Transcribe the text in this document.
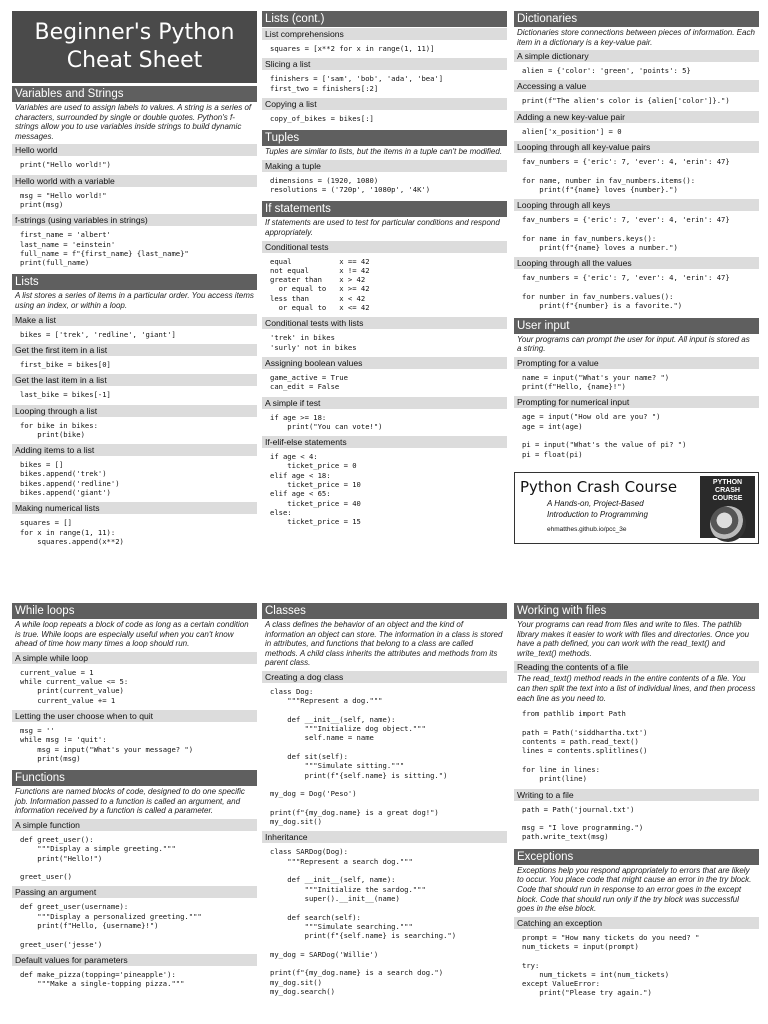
Beginner's Python
Cheat Sheet
Variables and Strings
Variables are used to assign labels to values. A string is a series of characters, surrounded by single or double quotes. Python's f-strings allow you to use variables inside strings to build dynamic messages.
Hello world
print("Hello world!")
Hello world with a variable
msg = "Hello world!"
print(msg)
f-strings (using variables in strings)
first_name = 'albert'
last_name = 'einstein'
full_name = f"{first_name} {last_name}"
print(full_name)
Lists
A list stores a series of items in a particular order. You access items using an index, or within a loop.
Make a list
bikes = ['trek', 'redline', 'giant']
Get the first item in a list
first_bike = bikes[0]
Get the last item in a list
last_bike = bikes[-1]
Looping through a list
for bike in bikes:
print(bike)
Adding items to a list
bikes = []
bikes.append('trek')
bikes.append('redline')
bikes.append('giant')
Making numerical lists
squares = []
for x in range(1, 11):
squares.append(x**2)
Lists (cont.)
List comprehensions
squares = [x**2 for x in range(1, 11)]
Slicing a list
finishers = ['sam', 'bob', 'ada', 'bea']
first_two = finishers[:2]
Copying a list
copy_of_bikes = bikes[:]
Tuples
Tuples are similar to lists, but the items in a tuple can't be modified.
Making a tuple
dimensions = (1920, 1080)
resolutions = ('720p', '1080p', '4K')
If statements
If statements are used to test for particular conditions and respond appropriately.
Conditional tests
equal           x == 42
not equal       x != 42
greater than    x > 42
or equal to   x >= 42
less than       x < 42
or equal to   x <= 42
Conditional tests with lists
'trek' in bikes
'surly' not in bikes
Assigning boolean values
game_active = True
can_edit = False
A simple if test
if age >= 18:
print("You can vote!")
If-elif-else statements
if age < 4:
ticket_price = 0
elif age < 18:
ticket_price = 10
elif age < 65:
ticket_price = 40
else:
ticket_price = 15
Dictionaries
Dictionaries store connections between pieces of information. Each item in a dictionary is a key-value pair.
A simple dictionary
alien = {'color': 'green', 'points': 5}
Accessing a value
print(f"The alien's color is {alien['color']}.")
Adding a new key-value pair
alien['x_position'] = 0
Looping through all key-value pairs
fav_numbers = {'eric': 7, 'ever': 4, 'erin': 47}

for name, number in fav_numbers.items():
print(f"{name} loves {number}.")
Looping through all keys
fav_numbers = {'eric': 7, 'ever': 4, 'erin': 47}

for name in fav_numbers.keys():
print(f"{name} loves a number.")
Looping through all the values
fav_numbers = {'eric': 7, 'ever': 4, 'erin': 47}

for number in fav_numbers.values():
print(f"{number} is a favorite.")
User input
Your programs can prompt the user for input. All input is stored as a string.
Prompting for a value
name = input("What's your name? ")
print(f"Hello, {name}!")
Prompting for numerical input
age = input("How old are you? ")
age = int(age)

pi = input("What's the value of pi? ")
pi = float(pi)
Python Crash Course
A Hands-on, Project-Based
Introduction to Programming
ehmatthes.github.io/pcc_3e
PYTHON
CRASH COURSE
While loops
A while loop repeats a block of code as long as a certain condition is true. While loops are especially useful when you can't know ahead of time how many times a loop should run.
A simple while loop
current_value = 1
while current_value <= 5:
print(current_value)
current_value += 1
Letting the user choose when to quit
msg = ''
while msg != 'quit':
msg = input("What's your message? ")
print(msg)
Functions
Functions are named blocks of code, designed to do one specific job. Information passed to a function is called an argument, and information received by a function is called a parameter.
A simple function
def greet_user():
"""Display a simple greeting."""
print("Hello!")

greet_user()
Passing an argument
def greet_user(username):
"""Display a personalized greeting."""
print(f"Hello, {username}!")

greet_user('jesse')
Default values for parameters
def make_pizza(topping='pineapple'):
"""Make a single-topping pizza."""
Classes
A class defines the behavior of an object and the kind of information an object can store. The information in a class is stored in attributes, and functions that belong to a class are called methods. A child class inherits the attributes and methods from its parent class.
Creating a dog class
class Dog:
"""Represent a dog."""

def __init__(self, name):
"""Initialize dog object."""
self.name = name

def sit(self):
"""Simulate sitting."""
print(f"{self.name} is sitting.")

my_dog = Dog('Peso')

print(f"{my_dog.name} is a great dog!")
my_dog.sit()
Inheritance
class SARDog(Dog):
"""Represent a search dog."""

def __init__(self, name):
"""Initialize the sardog."""
super().__init__(name)

def search(self):
"""Simulate searching."""
print(f"{self.name} is searching.")

my_dog = SARDog('Willie')

print(f"{my_dog.name} is a search dog.")
my_dog.sit()
my_dog.search()
Working with files
Your programs can read from files and write to files. The pathlib library makes it easier to work with files and directories. Once you have a path defined, you can work with the read_text() and write_text() methods.
Reading the contents of a file
The read_text() method reads in the entire contents of a file. You can then split the text into a list of individual lines, and then process each line as you need to.
from pathlib import Path

path = Path('siddhartha.txt')
contents = path.read_text()
lines = contents.splitlines()

for line in lines:
print(line)
Writing to a file
path = Path('journal.txt')

msg = "I love programming.")
path.write_text(msg)
Exceptions
Exceptions help you respond appropriately to errors that are likely to occur. You place code that might cause an error in the try block. Code that should run in response to an error goes in the except block. Code that should run only if the try block was successful goes in the else block.
Catching an exception
prompt = "How many tickets do you need? "
num_tickets = input(prompt)

try:
num_tickets = int(num_tickets)
except ValueError:
print("Please try again.")
